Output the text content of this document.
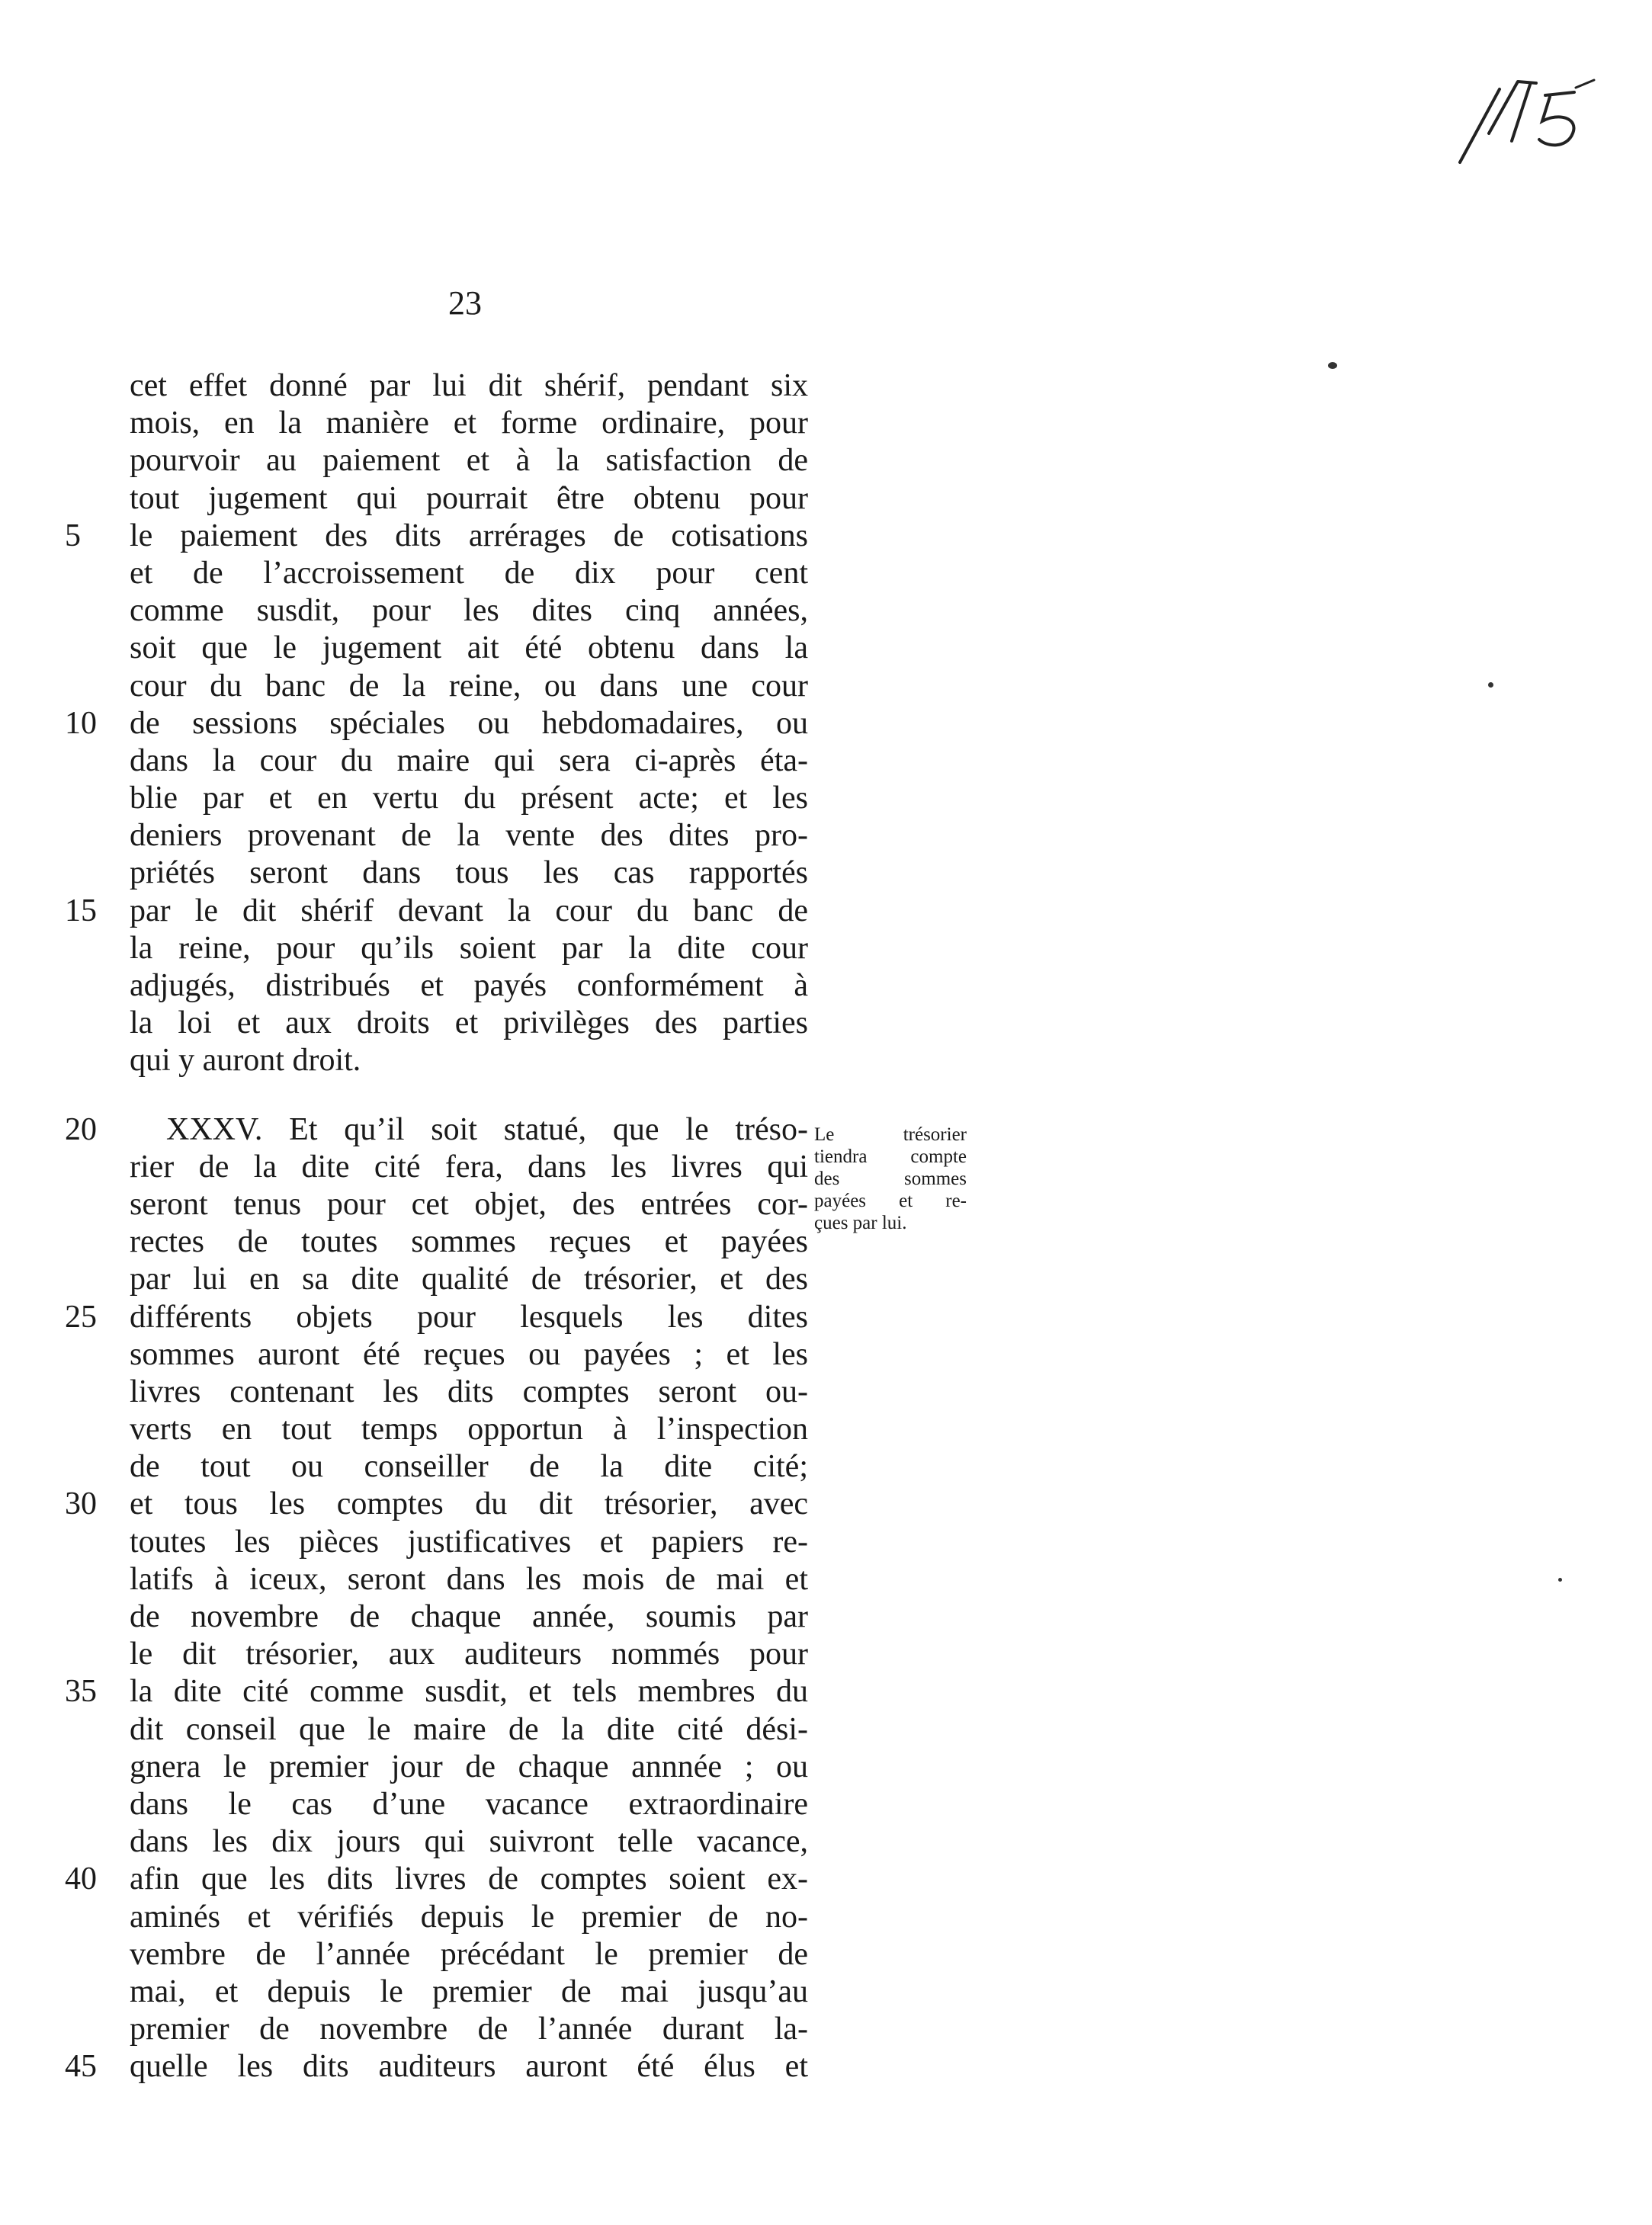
23
cet effet donné par lui dit shérif, pendant six
mois, en la manière et forme ordinaire, pour
pourvoir au paiement et à la satisfaction de
tout jugement qui pourrait être obtenu pour
5	le paiement des dits arrérages de cotisations
et de l’accroissement de dix pour cent
comme susdit, pour les dites cinq années,
soit que le jugement ait été obtenu dans la
cour du banc de la reine, ou dans une cour
10	de sessions spéciales ou hebdomadaires, ou
dans la cour du maire qui sera ci-après éta-
blie par et en vertu du présent acte; et les
deniers provenant de la vente des dites pro-
priétés seront dans tous les cas rapportés
15	par le dit shérif devant la cour du banc de
la reine, pour qu’ils soient par la dite cour
adjugés, distribués et payés conformément à
la loi et aux droits et privilèges des parties
qui y auront droit.
20	XXXV. Et qu’il soit statué, que le tréso-
rier de la dite cité fera, dans les livres qui
seront tenus pour cet objet, des entrées cor-
rectes de toutes sommes reçues et payées
par lui en sa dite qualité de trésorier, et des
25	différents objets pour lesquels les dites
sommes auront été reçues ou payées ; et les
livres contenant les dits comptes seront ou-
verts en tout temps opportun à l’inspection
de tout ou conseiller de la dite cité;
30	et tous les comptes du dit trésorier, avec
toutes les pièces justificatives et papiers re-
latifs à iceux, seront dans les mois de mai et
de novembre de chaque année, soumis par
le dit trésorier, aux auditeurs nommés pour
35	la dite cité comme susdit, et tels membres du
dit conseil que le maire de la dite cité dési-
gnera le premier jour de chaque annnée ; ou
dans le cas d’une vacance extraordinaire
dans les dix jours qui suivront telle vacance,
40	afin que les dits livres de comptes soient ex-
aminés et vérifiés depuis le premier de no-
vembre de l’année précédant le premier de
mai, et depuis le premier de mai jusqu’au
premier de novembre de l’année durant la-
45	quelle les dits auditeurs auront été élus et
Le trésorier
tiendra compte
des sommes
payées et re-
çues par lui.
